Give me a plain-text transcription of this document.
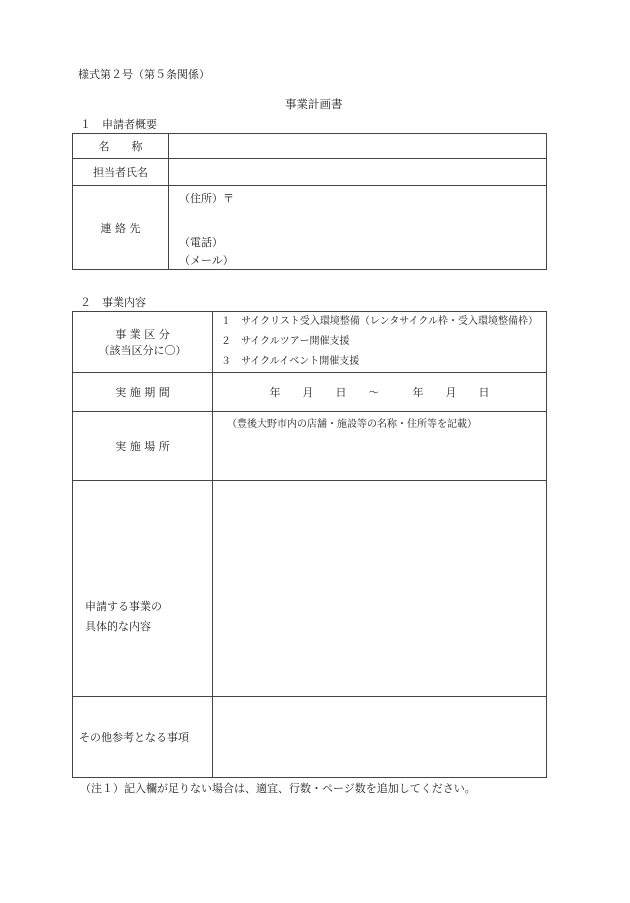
様式第２号（第５条関係）
事業計画書
１　申請者概要
名　　称	
担当者氏名	
連 絡 先	（住所）〒
（電話）
（メール）
２　事業内容
事 業 区 分
（該当区分に〇）	１　サイクリスト受入環境整備（レンタサイクル枠・受入環境整備枠）
２　サイクルツアー開催支援
３　サイクルイベント開催支援

実 施 期 間	年　　月　　日　　～　　　年　　月　　日
実 施 場 所	（豊後大野市内の店舗・施設等の名称・住所等を記載）

申請する事業の
具体的な内容	

その他参考となる事項	
（注１）記入欄が足りない場合は、適宜、行数・ページ数を追加してください。
